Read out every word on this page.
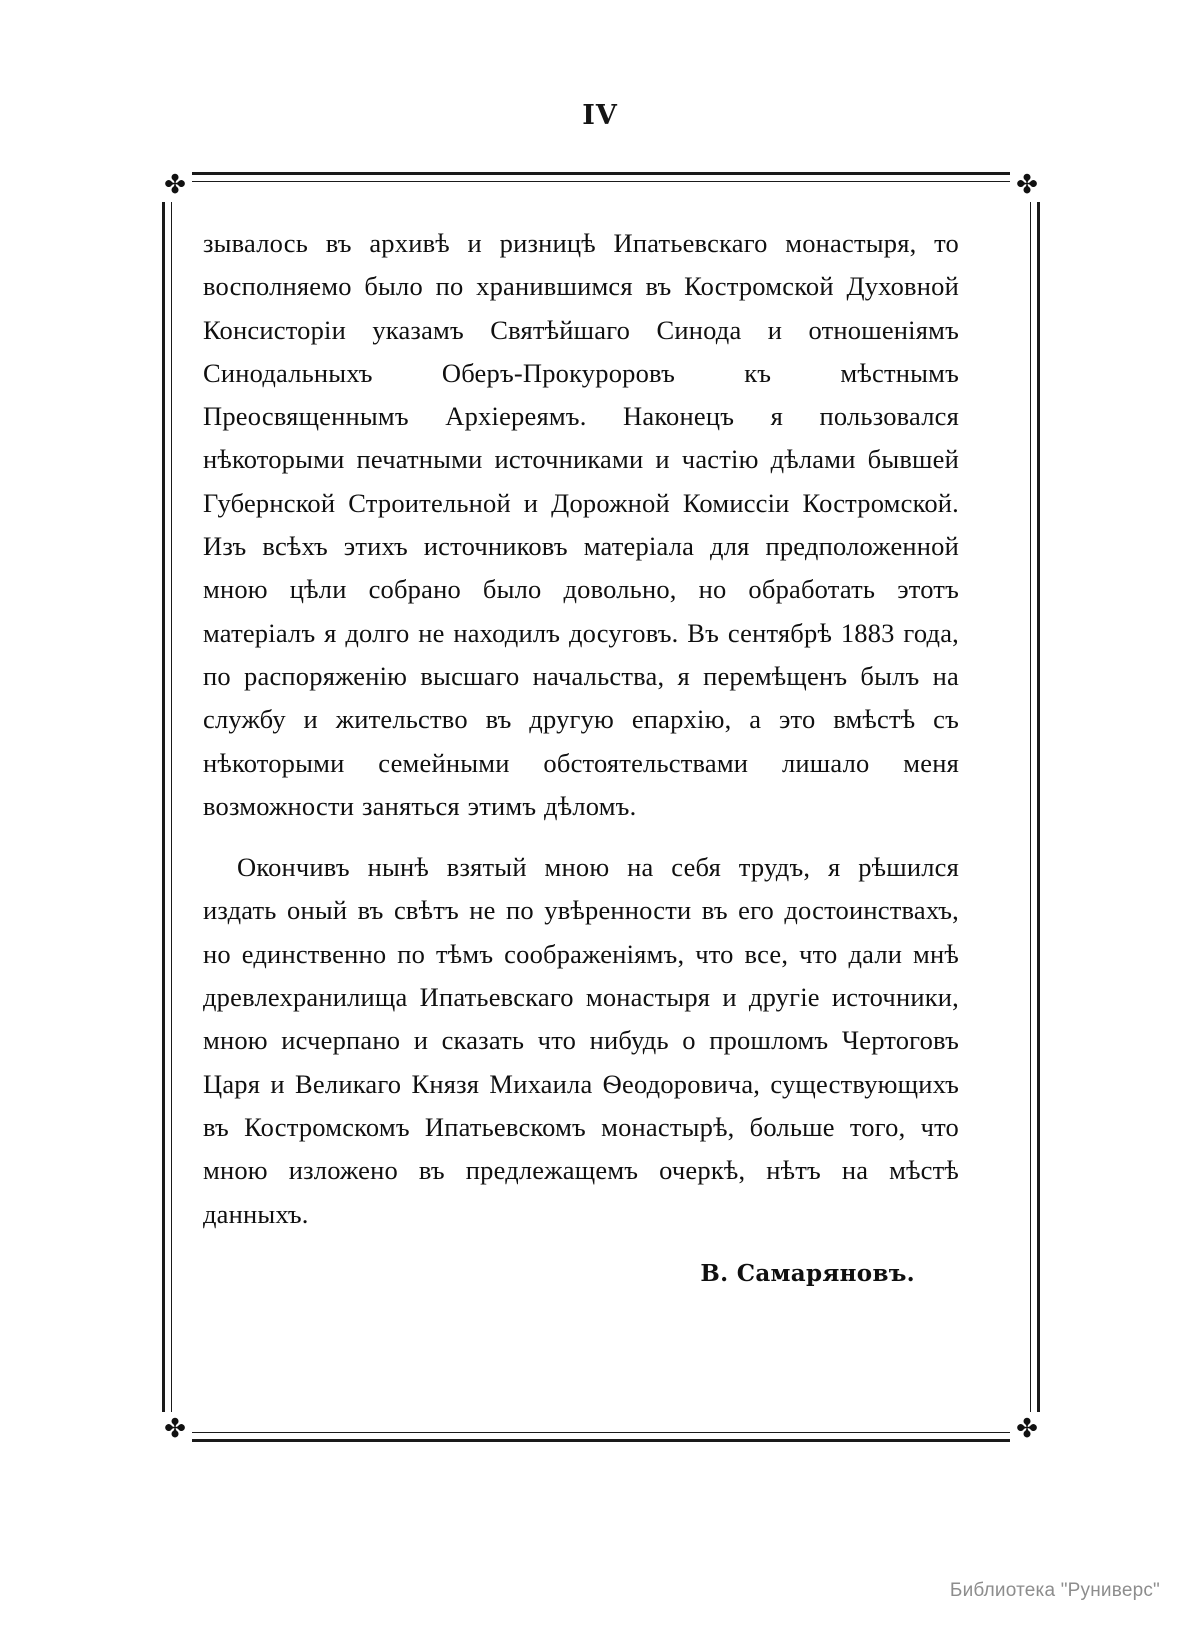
IV
✤	✤
✤	✤

зывалось въ архивѣ и ризницѣ Ипатьевскаго монастыря, то восполняемо было по хранившимся въ Костромской Духовной Консисторіи указамъ Святѣйшаго Синода и отношеніямъ Синодальныхъ Оберъ-Прокуроровъ къ мѣстнымъ Преосвященнымъ Архіереямъ. Наконецъ я пользовался нѣкоторыми печатными источниками и частію дѣлами бывшей Губернской Строительной и Дорожной Комиссіи Костромской. Изъ всѣхъ этихъ источниковъ матеріала для предположенной мною цѣли собрано было довольно, но обработать этотъ матеріалъ я долго не находилъ досуговъ. Въ сентябрѣ 1883 года, по распоряженію высшаго начальства, я перемѣщенъ былъ на службу и жительство въ другую епархію, а это вмѣстѣ съ нѣкоторыми семейными обстоятельствами лишало меня возможности заняться этимъ дѣломъ.

Окончивъ нынѣ взятый мною на себя трудъ, я рѣшился издать оный въ свѣтъ не по увѣренности въ его достоинствахъ, но единственно по тѣмъ соображеніямъ, что все, что дали мнѣ древлехранилища Ипатьевскаго монастыря и другіе источники, мною исчерпано и сказать что нибудь о прошломъ Чертоговъ Царя и Великаго Князя Михаила Ѳеодоровича, существующихъ въ Костромскомъ Ипатьевскомъ монастырѣ, больше того, что мною изложено въ предлежащемъ очеркѣ, нѣтъ на мѣстѣ данныхъ.

В. Самаряновъ.
Библиотека "Руниверс"
